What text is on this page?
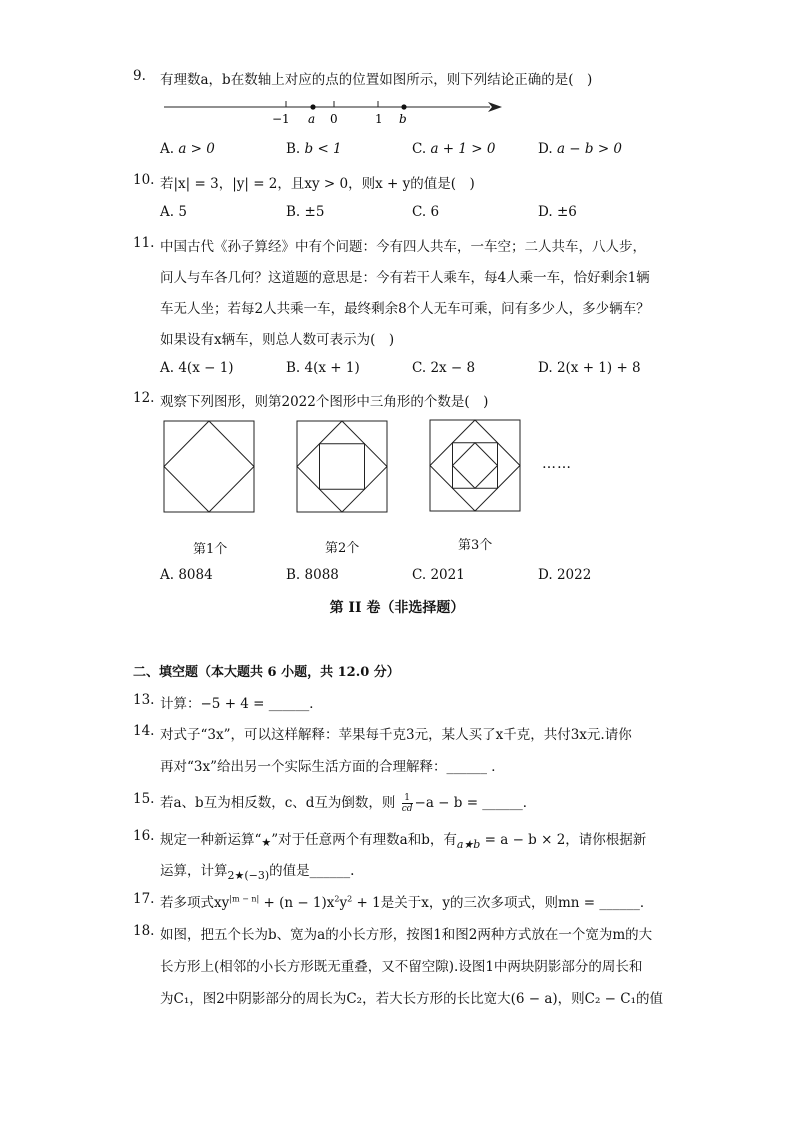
9. 有理数a，b在数轴上对应的点的位置如图所示，则下列结论正确的是(　)
−1 a 0	1 b
A. a > 0	B. b < 1	C. a + 1 > 0	D. a − b > 0
10. 若|x| = 3，|y| = 2，且xy > 0，则x + y的值是(　)
A. 5	B. ±5	C. 6	D. ±6
11. 中国古代《孙子算经》中有个问题：今有四人共车，一车空；二人共车，八人步，
问人与车各几何？这道题的意思是：今有若干人乘车，每4人乘一车，恰好剩余1辆
车无人坐；若每2人共乘一车，最终剩余8个人无车可乘，问有多少人，多少辆车？
如果设有x辆车，则总人数可表示为(　)
A. 4(x − 1)	B. 4(x + 1)	C. 2x − 8	D. 2(x + 1) + 8
12. 观察下列图形，则第2022个图形中三角形的个数是(　)
……
第1个	第2个	第3个
A. 8084	B. 8088	C. 2021	D. 2022
第 II 卷（非选择题）
二、填空题（本大题共 6 小题，共 12.0 分）
13. 计算：−5 + 4 = ______．
14. 对式子“3x”，可以这样解释：苹果每千克3元，某人买了x千克，共付3x元.请你
再对“3x”给出另一个实际生活方面的合理解释：______ ．
15. 若a、b互为相反数，c、d互为倒数，则 $\frac{1}{cd} -a - b$ = ______．
16. 规定一种新运算“★”对于任意两个有理数a和b，有$_{a★b}$ = a − b × 2，请你根据新
运算，计算$_{2★(-3)}$的值是______.
17. 若多项式$xy^{|m - n|} + (n - 1)x^2y^2 + 1$是关于x，y的三次多项式，则mn = ______．
18. 如图，把五个长为b、宽为a的小长方形，按图1和图2两种方式放在一个宽为m的大
长方形上(相邻的小长方形既无重叠，又不留空隙).设图1中两块阴影部分的周长和
为C₁，图2中阴影部分的周长为C₂，若大长方形的长比宽大(6 − a)，则C₂ − C₁的值
